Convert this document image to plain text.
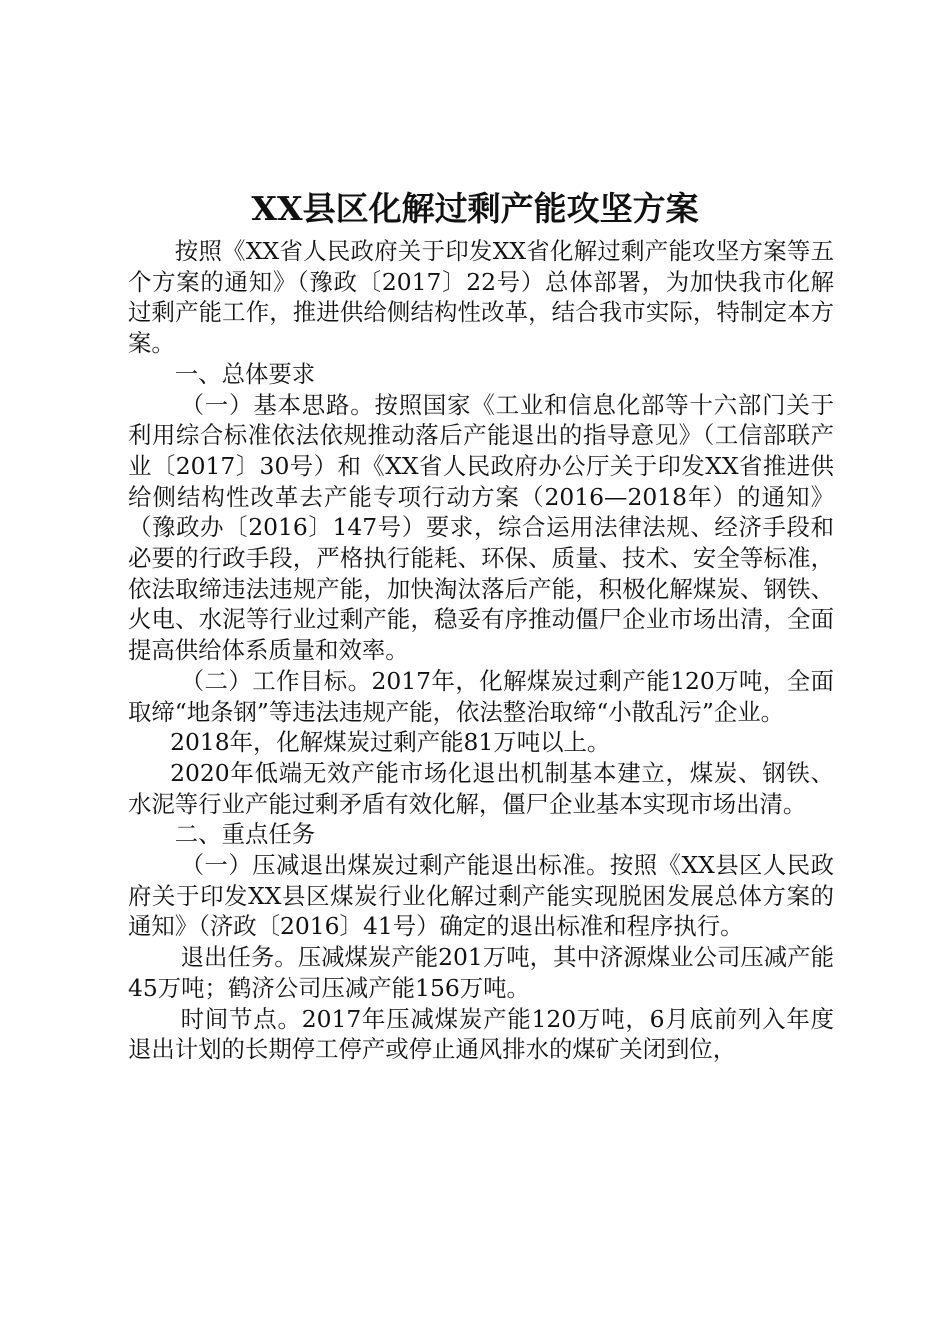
XX县区化解过剩产能攻坚方案

按照《XX省人民政府关于印发XX省化解过剩产能攻坚方案等五个方案的通知》（豫政〔2017〕22号）总体部署，为加快我市化解过剩产能工作，推进供给侧结构性改革，结合我市实际，特制定本方案。

一、总体要求

（一）基本思路。按照国家《工业和信息化部等十六部门关于利用综合标准依法依规推动落后产能退出的指导意见》（工信部联产业〔2017〕30号）和《XX省人民政府办公厅关于印发XX省推进供给侧结构性改革去产能专项行动方案（2016—2018年）的通知》（豫政办〔2016〕147号）要求，综合运用法律法规、经济手段和必要的行政手段，严格执行能耗、环保、质量、技术、安全等标准，依法取缔违法违规产能，加快淘汰落后产能，积极化解煤炭、钢铁、火电、水泥等行业过剩产能，稳妥有序推动僵尸企业市场出清，全面提高供给体系质量和效率。

（二）工作目标。2017年，化解煤炭过剩产能120万吨，全面取缔“地条钢”等违法违规产能，依法整治取缔“小散乱污”企业。

2018年，化解煤炭过剩产能81万吨以上。

2020年低端无效产能市场化退出机制基本建立，煤炭、钢铁、水泥等行业产能过剩矛盾有效化解，僵尸企业基本实现市场出清。

二、重点任务

（一）压减退出煤炭过剩产能退出标准。按照《XX县区人民政府关于印发XX县区煤炭行业化解过剩产能实现脱困发展总体方案的通知》（济政〔2016〕41号）确定的退出标准和程序执行。

退出任务。压减煤炭产能201万吨，其中济源煤业公司压减产能45万吨；鹤济公司压减产能156万吨。

时间节点。2017年压减煤炭产能120万吨，6月底前列入年度退出计划的长期停工停产或停止通风排水的煤矿关闭到位，
